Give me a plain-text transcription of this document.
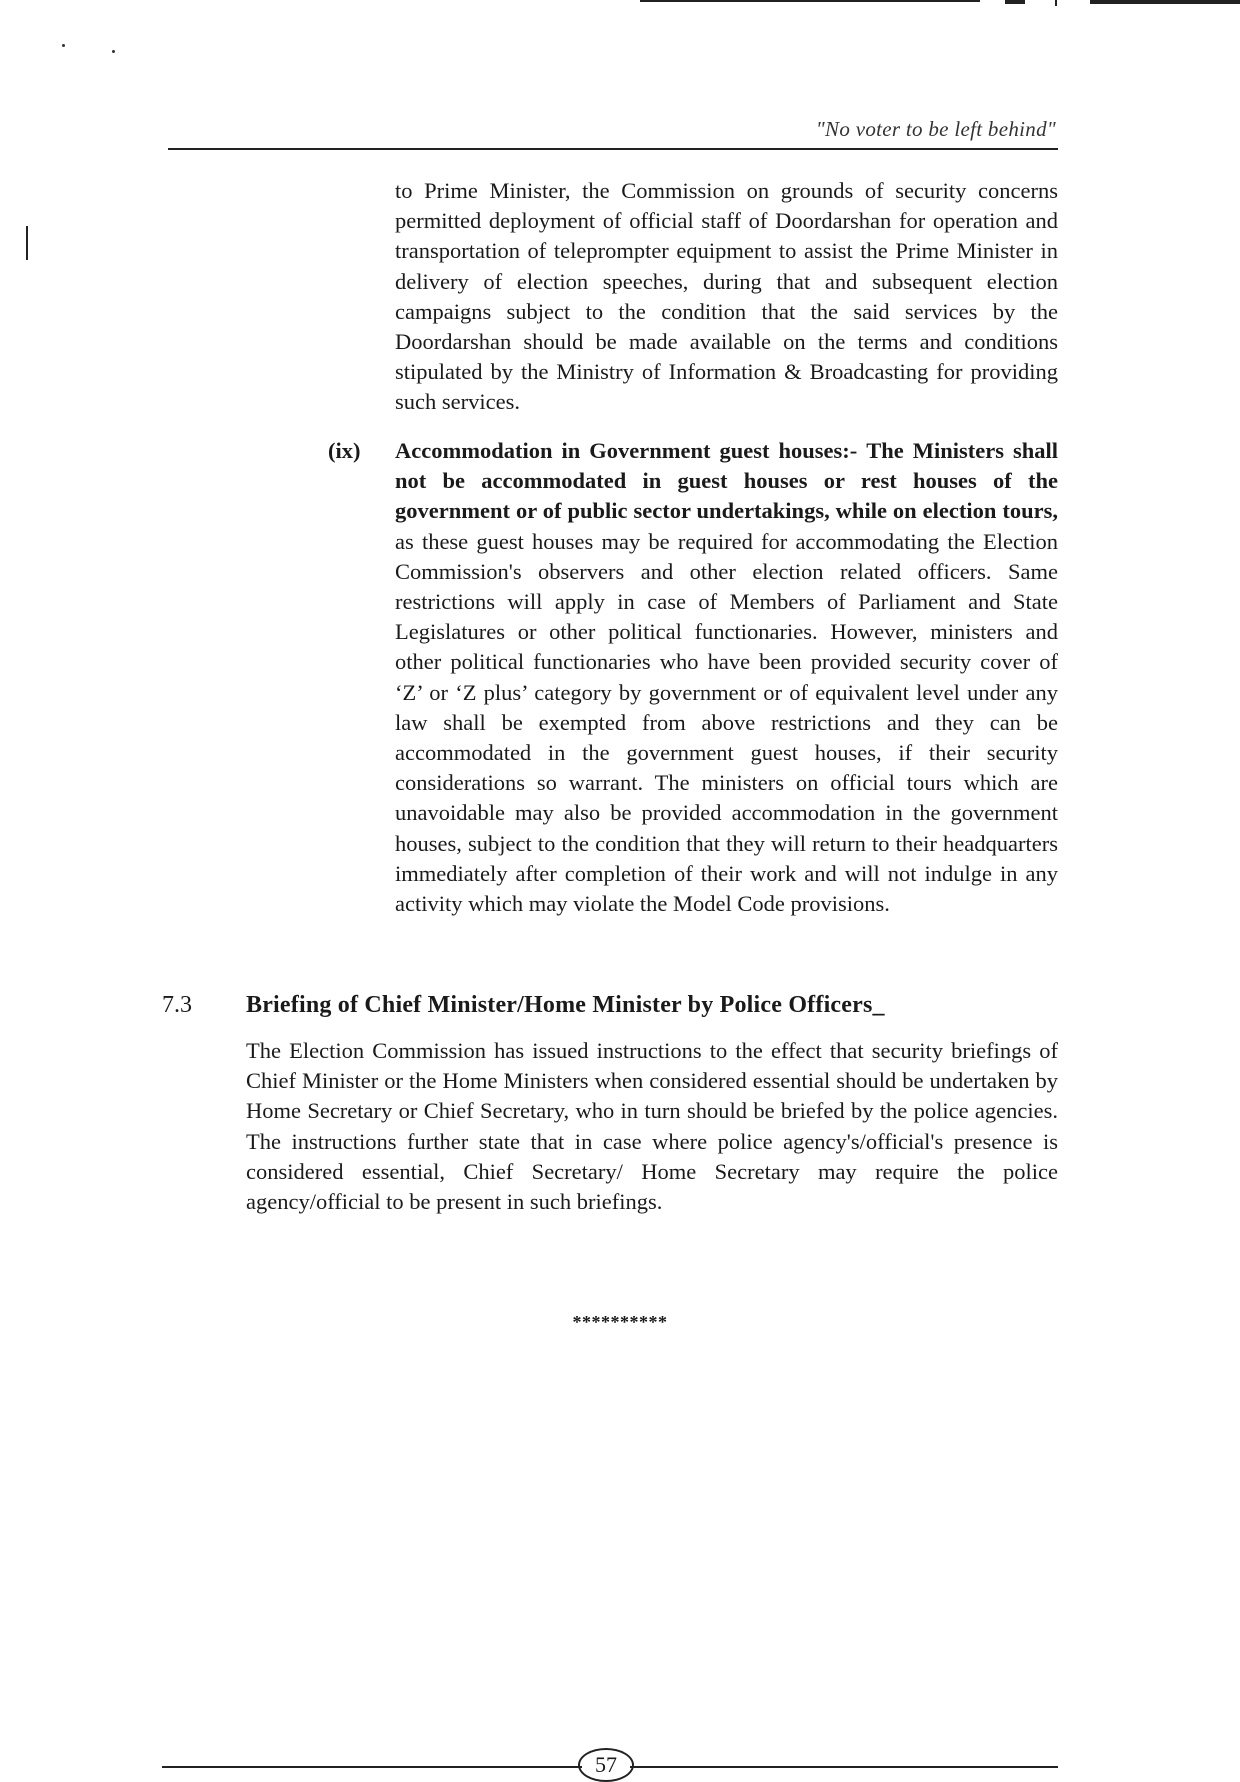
"No voter to be left behind"
to Prime Minister, the Commission on grounds of security concerns permitted deployment of official staff of Doordarshan for operation and transportation of teleprompter equipment to assist the Prime Minister in delivery of election speeches, during that and subsequent election campaigns subject to the condition that the said services by the Doordarshan should be made available on the terms and conditions stipulated by the Ministry of Information & Broadcasting for providing such services.
(ix) Accommodation in Government guest houses:- The Ministers shall not be accommodated in guest houses or rest houses of the government or of public sector undertakings, while on election tours, as these guest houses may be required for accommodating the Election Commission's observers and other election related officers. Same restrictions will apply in case of Members of Parliament and State Legislatures or other political functionaries. However, ministers and other political functionaries who have been provided security cover of ‘Z’ or ‘Z plus’ category by government or of equivalent level under any law shall be exempted from above restrictions and they can be accommodated in the government guest houses, if their security considerations so warrant. The ministers on official tours which are unavoidable may also be provided accommodation in the government houses, subject to the condition that they will return to their headquarters immediately after completion of their work and will not indulge in any activity which may violate the Model Code provisions.
7.3 Briefing of Chief Minister/Home Minister by Police Officers_
The Election Commission has issued instructions to the effect that security briefings of Chief Minister or the Home Ministers when considered essential should be undertaken by Home Secretary or Chief Secretary, who in turn should be briefed by the police agencies. The instructions further state that in case where police agency's/official's presence is considered essential, Chief Secretary/ Home Secretary may require the police agency/official to be present in such briefings.
**********
57
